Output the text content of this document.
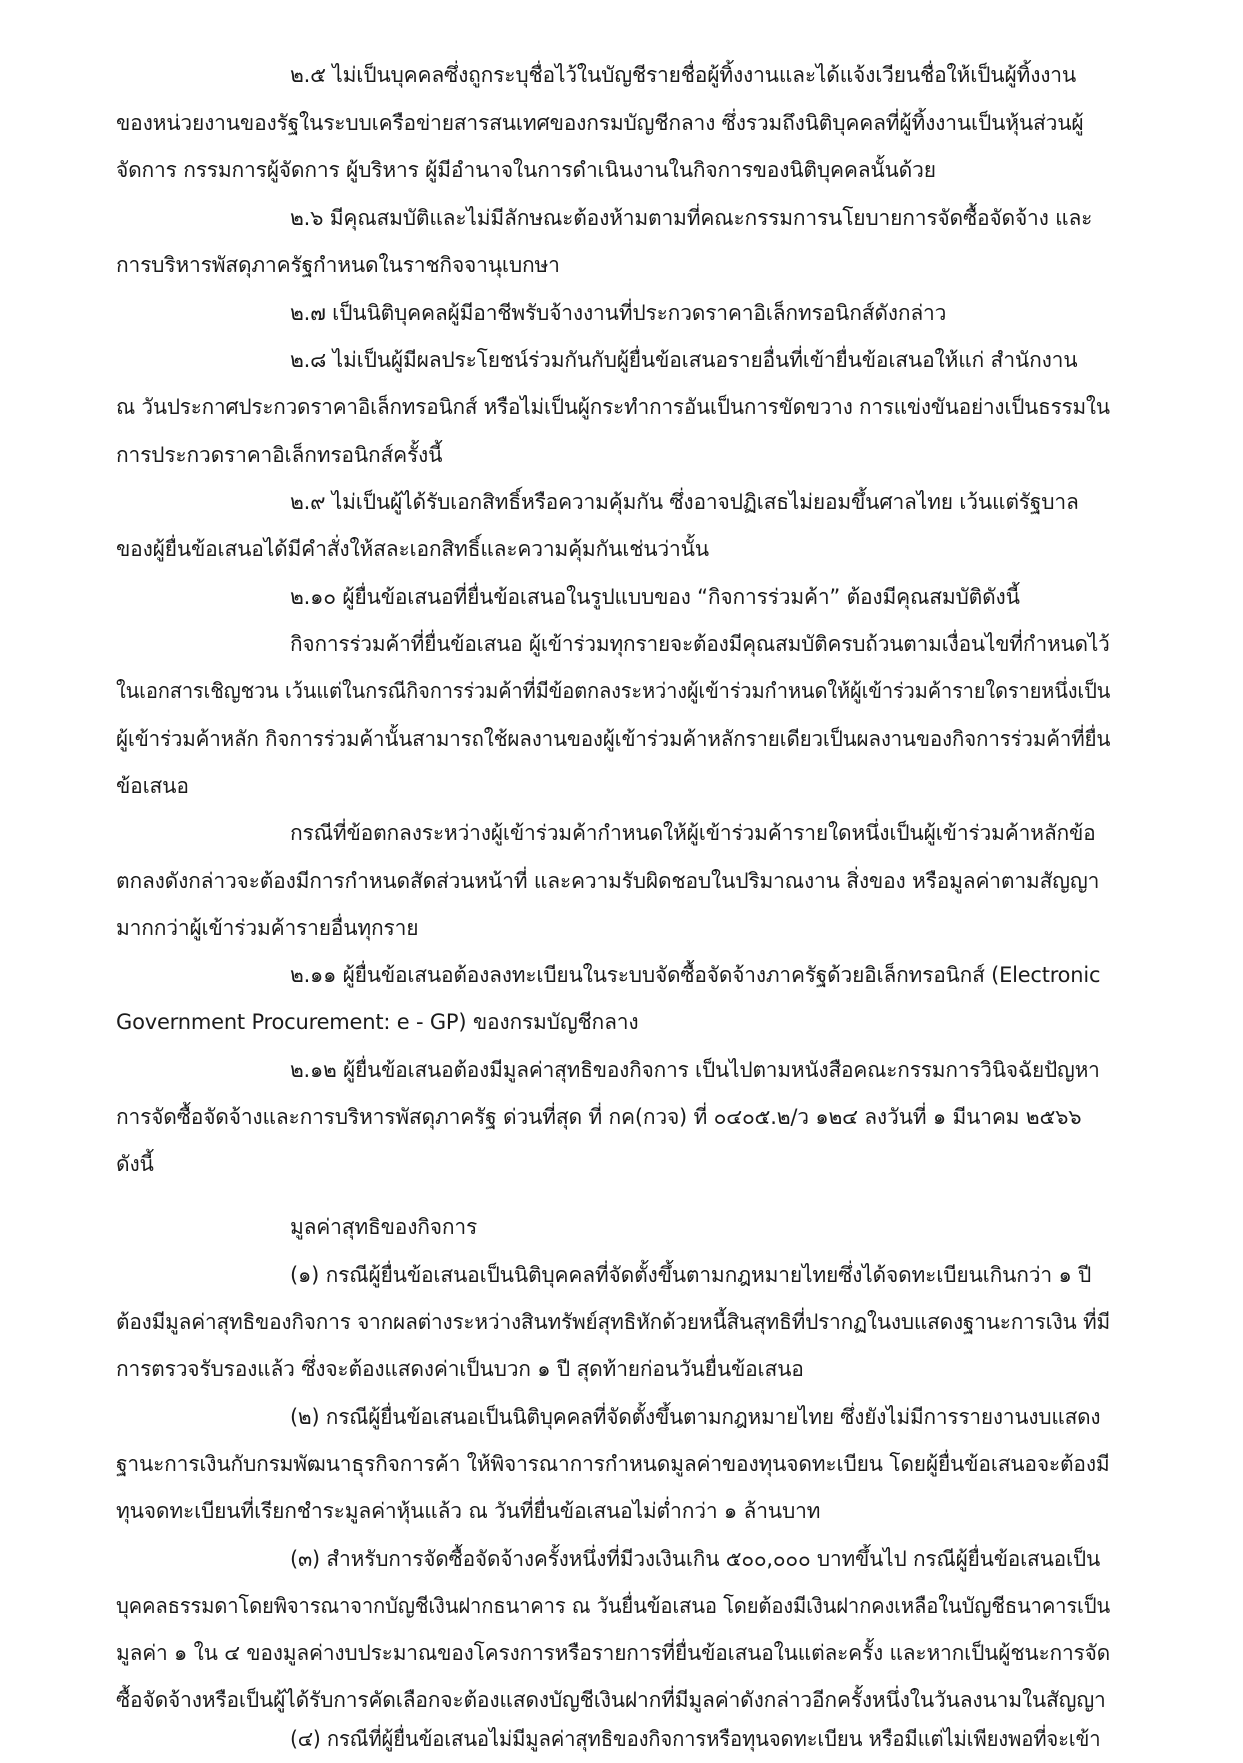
๒.๕ ไม่เป็นบุคคลซึ่งถูกระบุชื่อไว้ในบัญชีรายชื่อผู้ทิ้งงานและได้แจ้งเวียนชื่อให้เป็นผู้ทิ้งงาน
ของหน่วยงานของรัฐในระบบเครือข่ายสารสนเทศของกรมบัญชีกลาง ซึ่งรวมถึงนิติบุคคลที่ผู้ทิ้งงานเป็นหุ้นส่วนผู้
จัดการ กรรมการผู้จัดการ ผู้บริหาร ผู้มีอำนาจในการดำเนินงานในกิจการของนิติบุคคลนั้นด้วย
๒.๖ มีคุณสมบัติและไม่มีลักษณะต้องห้ามตามที่คณะกรรมการนโยบายการจัดซื้อจัดจ้าง และ
การบริหารพัสดุภาครัฐกำหนดในราชกิจจานุเบกษา
๒.๗ เป็นนิติบุคคลผู้มีอาชีพรับจ้างงานที่ประกวดราคาอิเล็กทรอนิกส์ดังกล่าว
๒.๘ ไม่เป็นผู้มีผลประโยชน์ร่วมกันกับผู้ยื่นข้อเสนอรายอื่นที่เข้ายื่นข้อเสนอให้แก่ สำนักงาน
ณ วันประกาศประกวดราคาอิเล็กทรอนิกส์ หรือไม่เป็นผู้กระทำการอันเป็นการขัดขวาง การแข่งขันอย่างเป็นธรรมใน
การประกวดราคาอิเล็กทรอนิกส์ครั้งนี้
๒.๙ ไม่เป็นผู้ได้รับเอกสิทธิ์หรือความคุ้มกัน ซึ่งอาจปฏิเสธไม่ยอมขึ้นศาลไทย เว้นแต่รัฐบาล
ของผู้ยื่นข้อเสนอได้มีคำสั่งให้สละเอกสิทธิ์และความคุ้มกันเช่นว่านั้น
๒.๑๐ ผู้ยื่นข้อเสนอที่ยื่นข้อเสนอในรูปแบบของ “กิจการร่วมค้า” ต้องมีคุณสมบัติดังนี้
กิจการร่วมค้าที่ยื่นข้อเสนอ ผู้เข้าร่วมทุกรายจะต้องมีคุณสมบัติครบถ้วนตามเงื่อนไขที่กำหนดไว้
ในเอกสารเชิญชวน เว้นแต่ในกรณีกิจการร่วมค้าที่มีข้อตกลงระหว่างผู้เข้าร่วมกำหนดให้ผู้เข้าร่วมค้ารายใดรายหนึ่งเป็น
ผู้เข้าร่วมค้าหลัก กิจการร่วมค้านั้นสามารถใช้ผลงานของผู้เข้าร่วมค้าหลักรายเดียวเป็นผลงานของกิจการร่วมค้าที่ยื่น
ข้อเสนอ
กรณีที่ข้อตกลงระหว่างผู้เข้าร่วมค้ากำหนดให้ผู้เข้าร่วมค้ารายใดหนึ่งเป็นผู้เข้าร่วมค้าหลักข้อ
ตกลงดังกล่าวจะต้องมีการกำหนดสัดส่วนหน้าที่ และความรับผิดชอบในปริมาณงาน สิ่งของ หรือมูลค่าตามสัญญา
มากกว่าผู้เข้าร่วมค้ารายอื่นทุกราย
๒.๑๑ ผู้ยื่นข้อเสนอต้องลงทะเบียนในระบบจัดซื้อจัดจ้างภาครัฐด้วยอิเล็กทรอนิกส์ (Electronic
Government Procurement: e - GP) ของกรมบัญชีกลาง
๒.๑๒ ผู้ยื่นข้อเสนอต้องมีมูลค่าสุทธิของกิจการ เป็นไปตามหนังสือคณะกรรมการวินิจฉัยปัญหา
การจัดซื้อจัดจ้างและการบริหารพัสดุภาครัฐ ด่วนที่สุด ที่ กค(กวจ) ที่ ๐๔๐๕.๒/ว ๑๒๔ ลงวันที่ ๑ มีนาคม ๒๕๖๖
ดังนี้
มูลค่าสุทธิของกิจการ
(๑) กรณีผู้ยื่นข้อเสนอเป็นนิติบุคคลที่จัดตั้งขึ้นตามกฎหมายไทยซึ่งได้จดทะเบียนเกินกว่า ๑ ปี
ต้องมีมูลค่าสุทธิของกิจการ จากผลต่างระหว่างสินทรัพย์สุทธิหักด้วยหนี้สินสุทธิที่ปรากฏในงบแสดงฐานะการเงิน ที่มี
การตรวจรับรองแล้ว ซึ่งจะต้องแสดงค่าเป็นบวก ๑ ปี สุดท้ายก่อนวันยื่นข้อเสนอ
(๒) กรณีผู้ยื่นข้อเสนอเป็นนิติบุคคลที่จัดตั้งขึ้นตามกฎหมายไทย ซึ่งยังไม่มีการรายงานงบแสดง
ฐานะการเงินกับกรมพัฒนาธุรกิจการค้า ให้พิจารณาการกำหนดมูลค่าของทุนจดทะเบียน โดยผู้ยื่นข้อเสนอจะต้องมี
ทุนจดทะเบียนที่เรียกชำระมูลค่าหุ้นแล้ว ณ วันที่ยื่นข้อเสนอไม่ต่ำกว่า ๑ ล้านบาท
(๓) สำหรับการจัดซื้อจัดจ้างครั้งหนึ่งที่มีวงเงินเกิน ๕๐๐,๐๐๐ บาทขึ้นไป กรณีผู้ยื่นข้อเสนอเป็น
บุคคลธรรมดาโดยพิจารณาจากบัญชีเงินฝากธนาคาร ณ วันยื่นข้อเสนอ โดยต้องมีเงินฝากคงเหลือในบัญชีธนาคารเป็น
มูลค่า ๑ ใน ๔ ของมูลค่างบประมาณของโครงการหรือรายการที่ยื่นข้อเสนอในแต่ละครั้ง และหากเป็นผู้ชนะการจัด
ซื้อจัดจ้างหรือเป็นผู้ได้รับการคัดเลือกจะต้องแสดงบัญชีเงินฝากที่มีมูลค่าดังกล่าวอีกครั้งหนึ่งในวันลงนามในสัญญา
(๔) กรณีที่ผู้ยื่นข้อเสนอไม่มีมูลค่าสุทธิของกิจการหรือทุนจดทะเบียน หรือมีแต่ไม่เพียงพอที่จะเข้า
